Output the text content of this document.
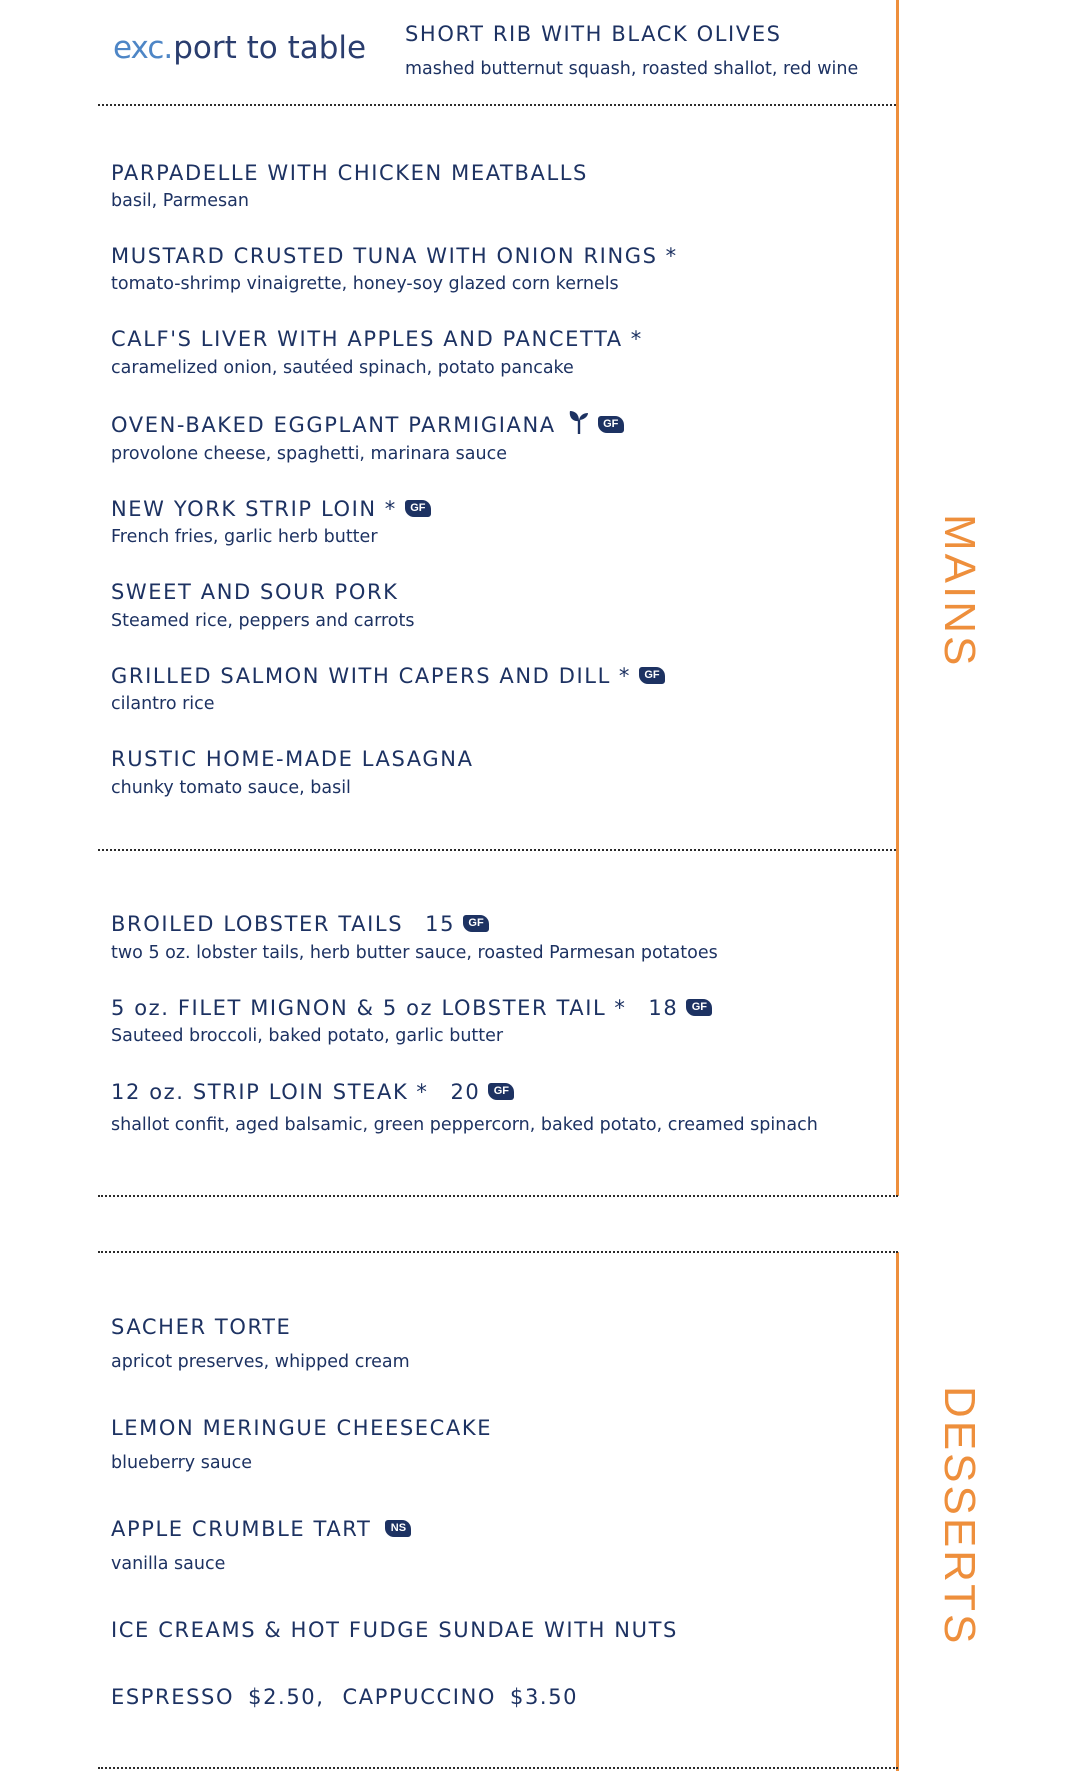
exc.port to table SHORT RIB WITH BLACK OLIVES
mashed butternut squash, roasted shallot, red wine
MAINS
DESSERTS
PARPADELLE WITH CHICKEN MEATBALLS
basil, Parmesan
MUSTARD CRUSTED TUNA WITH ONION RINGS *
tomato-shrimp vinaigrette, honey-soy glazed corn kernels
CALF'S LIVER WITH APPLES AND PANCETTA *
caramelized onion, sautéed spinach, potato pancake
OVEN-BAKED EGGPLANT PARMIGIANA	GF
provolone cheese, spaghetti, marinara sauce
NEW YORK STRIP LOIN * GF
French fries, garlic herb butter
SWEET AND SOUR PORK
Steamed rice, peppers and carrots
GRILLED SALMON WITH CAPERS AND DILL * GF
cilantro rice
RUSTIC HOME-MADE LASAGNA
chunky tomato sauce, basil
BROILED LOBSTER TAILS 15 GF
two 5 oz. lobster tails, herb butter sauce, roasted Parmesan potatoes
5 oz. FILET MIGNON & 5 oz LOBSTER TAIL * 18 GF
Sauteed broccoli, baked potato, garlic butter
12 oz. STRIP LOIN STEAK * 20 GF
shallot confit, aged balsamic, green peppercorn, baked potato, creamed spinach
SACHER TORTE
apricot preserves, whipped cream
LEMON MERINGUE CHEESECAKE
blueberry sauce
APPLE CRUMBLE TART NS
vanilla sauce
ICE CREAMS & HOT FUDGE SUNDAE WITH NUTS
ESPRESSO $2.50, CAPPUCCINO $3.50
